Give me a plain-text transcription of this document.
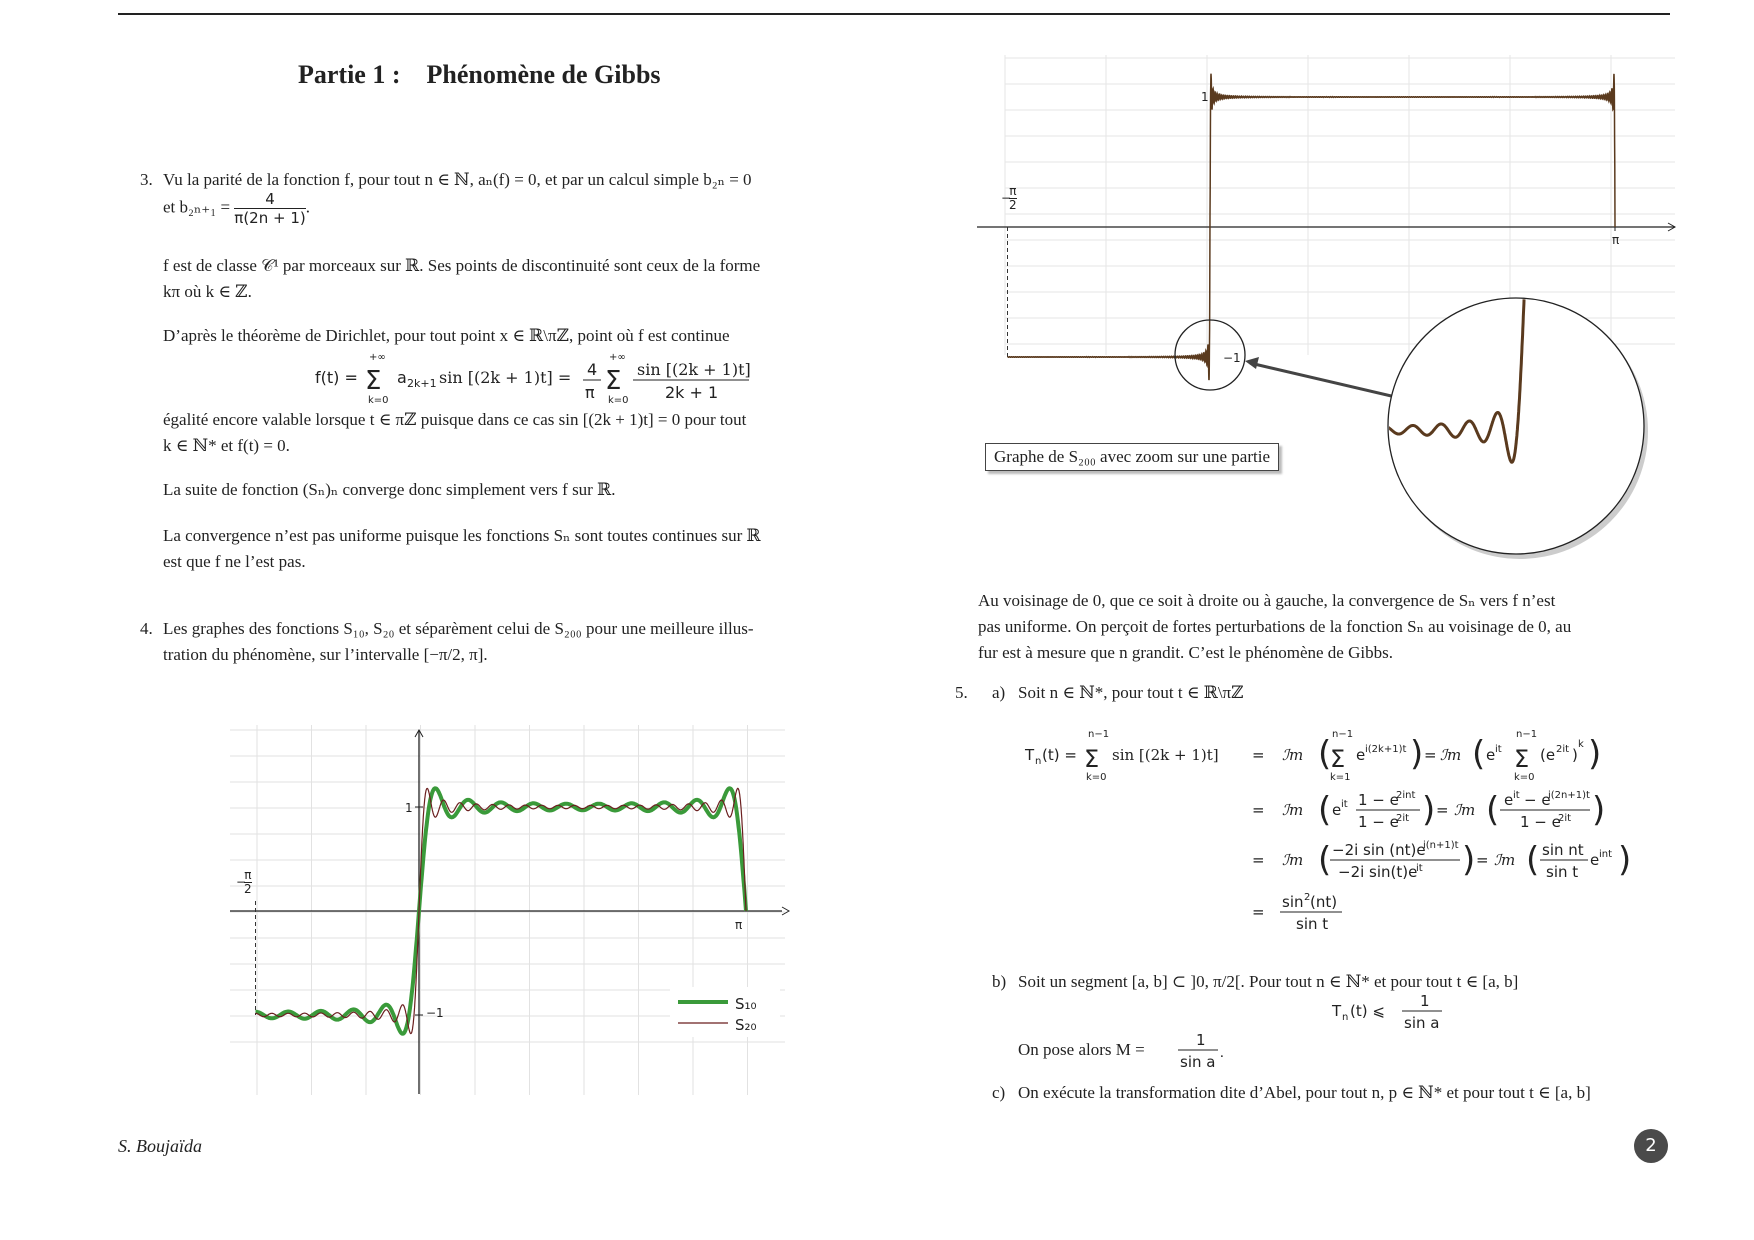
Partie 1 : Phénomène de Gibbs
3. Vu la parité de la fonction f, pour tout n ∈ ℕ, aₙ(f) = 0, et par un calcul simple b₂ₙ = 0
et $b_{2n+1} = \frac{4}{\pi(2n + 1)}$ .
f est de classe 𝒞¹ par morceaux sur ℝ. Ses points de discontinuité sont ceux de la forme
kπ où k ∈ ℤ.
D’après le théorème de Dirichlet, pour tout point x ∈ ℝ\πℤ, point où f est continue
f(t) =
+∞
Σ
k=0
a 2k+1 sin [(2k + 1)t] = 4
π
+∞
Σ
k=0
sin [(2k + 1)t]
2k + 1
égalité encore valable lorsque t ∈ πℤ puisque dans ce cas sin [(2k + 1)t] = 0 pour tout
k ∈ ℕ* et f(t) = 0.
La suite de fonction (Sₙ)ₙ converge donc simplement vers f sur ℝ.
La convergence n’est pas uniforme puisque les fonctions Sₙ sont toutes continues sur ℝ
est que f ne l’est pas.
4. Les graphes des fonctions S₁₀, S₂₀ et séparèment celui de S₂₀₀ pour une meilleure illus-
tration du phénomène, sur l’intervalle [−π/2, π].
−
π
2
π
1
−1	S₁₀
S₂₀
−
π
2
π
1
−1
Graphe de S₂₀₀ avec zoom sur une partie
Au voisinage de 0, que ce soit à droite ou à gauche, la convergence de Sₙ vers f n’est
pas uniforme. On perçoit de fortes perturbations de la fonction Sₙ au voisinage de 0, au
fur est à mesure que n grandit. C’est le phénomène de Gibbs.
5. a) Soit n ∈ ℕ*, pour tout t ∈ ℝ\πℤ
T n (t) =
n−1
Σ
k=0
sin [(2k + 1)t] = ℐm ( n−1
Σ
k=1
e i(2k+1)t ) = ℐm ( e it
n−1
Σ
k=0
(e 2it )
k )
= ℐm ( e it 1 − e
2int
1 − e
2it ) = ℐm ( e it − e
i(2n+1)t
1 − e
2it )
= ℐm ( −2i sin (nt)e
i(n+1)t
−2i sin(t)e
it ) = ℐm ( sin nt
sin t
e int )
=
sin 2 (nt)
sin t
b) Soit un segment [a, b] ⊂ ]0, π/2[. Pour tout n ∈ ℕ* et pour tout t ∈ [a, b]
T n (t) ⩽
1
sin a
On pose alors M =	1
sin a .
c) On exécute la transformation dite d’Abel, pour tout n, p ∈ ℕ* et pour tout t ∈ [a, b]
S. Boujaïda	2
